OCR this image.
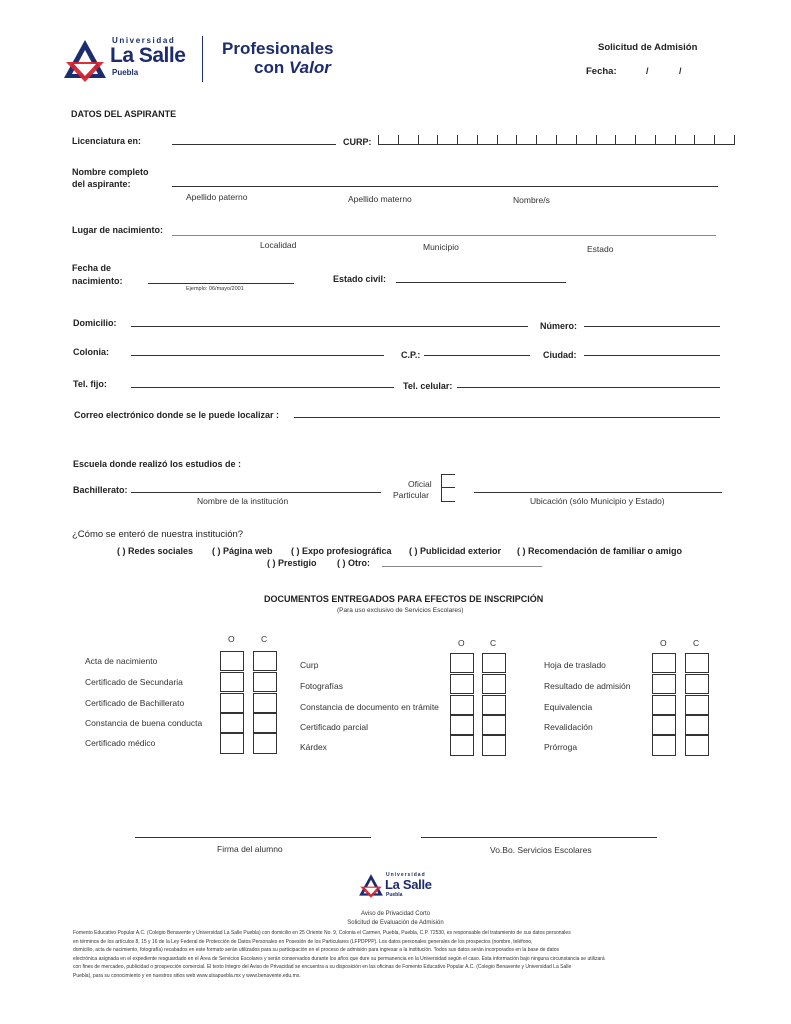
Universidad
La Salle
Puebla
Profesionales
con Valor
Solicitud de Admisión
Fecha:	/	/
DATOS DEL ASPIRANTE
Licenciatura en:	CURP:
Nombre completo
del aspirante:
Apellido paterno	Apellido materno	Nombre/s
Lugar de nacimiento:
Localidad	Municipio	Estado
Fecha de
nacimiento:
Ejemplo: 06/mayo/2001
Estado civil:
Domicilio:	Número:
Colonia:	C.P.:	Ciudad:
Tel. fijo:	Tel. celular:
Correo electrónico donde se le puede localizar :
Escuela donde realizó los estudios de :
Bachillerato:
Nombre de la institución
Oficial
Particular
Ubicación (sólo Municipio y Estado)
¿Cómo se enteró de nuestra institución?
( ) Redes sociales ( ) Página web ( ) Expo profesiográfica ( ) Publicidad exterior ( ) Recomendación de familiar o amigo
( ) Prestigio ( ) Otro:
DOCUMENTOS ENTREGADOS PARA EFECTOS DE INSCRIPCIÓN
(Para uso exclusivo de Servicios Escolares)
O	C
Acta de nacimiento
Certificado de Secundaria
Certificado de Bachillerato
Constancia de buena conducta
Certificado médico
O	C
Curp
Fotografías
Constancia de documento en trámite
Certificado parcial
Kárdex
O	C
Hoja de traslado
Resultado de admisión
Equivalencia
Revalidación
Prórroga
Firma del alumno	Vo.Bo. Servicios Escolares
Universidad
La Salle
Puebla
Aviso de Privacidad Corto
Solicitud de Evaluación de Admisión
Fomento Educativo Popular A.C. (Colegio Benavente y Universidad La Salle Puebla) con domicilio en 25 Oriente No. 9, Colonia el Carmen, Puebla, Puebla, C.P. 72530, es responsable del tratamiento de sus datos personales
en términos de los artículos 8, 15 y 16 de la Ley Federal de Protección de Datos Personales en Posesión de los Particulares (LFPDPPP). Los datos personales generales de los prospectos (nombre, teléfono,
domicilio, acta de nacimiento, fotografía) recabados en este formato serán utilizados para su participación en el proceso de admisión para ingresar a la institución. Todos sus datos serán incorporados en la base de datos
electrónica asignada en el expediente resguardado en el Área de Servicios Escolares y serán conservados durante los años que dure su permanencia en la Universidad según el caso. Esta información bajo ninguna circunstancia se utilizará
con fines de mercadeo, publicidad o prospección comercial. El texto íntegro del Aviso de Privacidad se encuentra a su disposición en las oficinas de Fomento Educativo Popular A.C. (Colegio Benavente y Universidad La Salle
Puebla), para su conocimiento y en nuestros sitios web www.ulsapuebla.mx y www.benavente.edu.mx.
